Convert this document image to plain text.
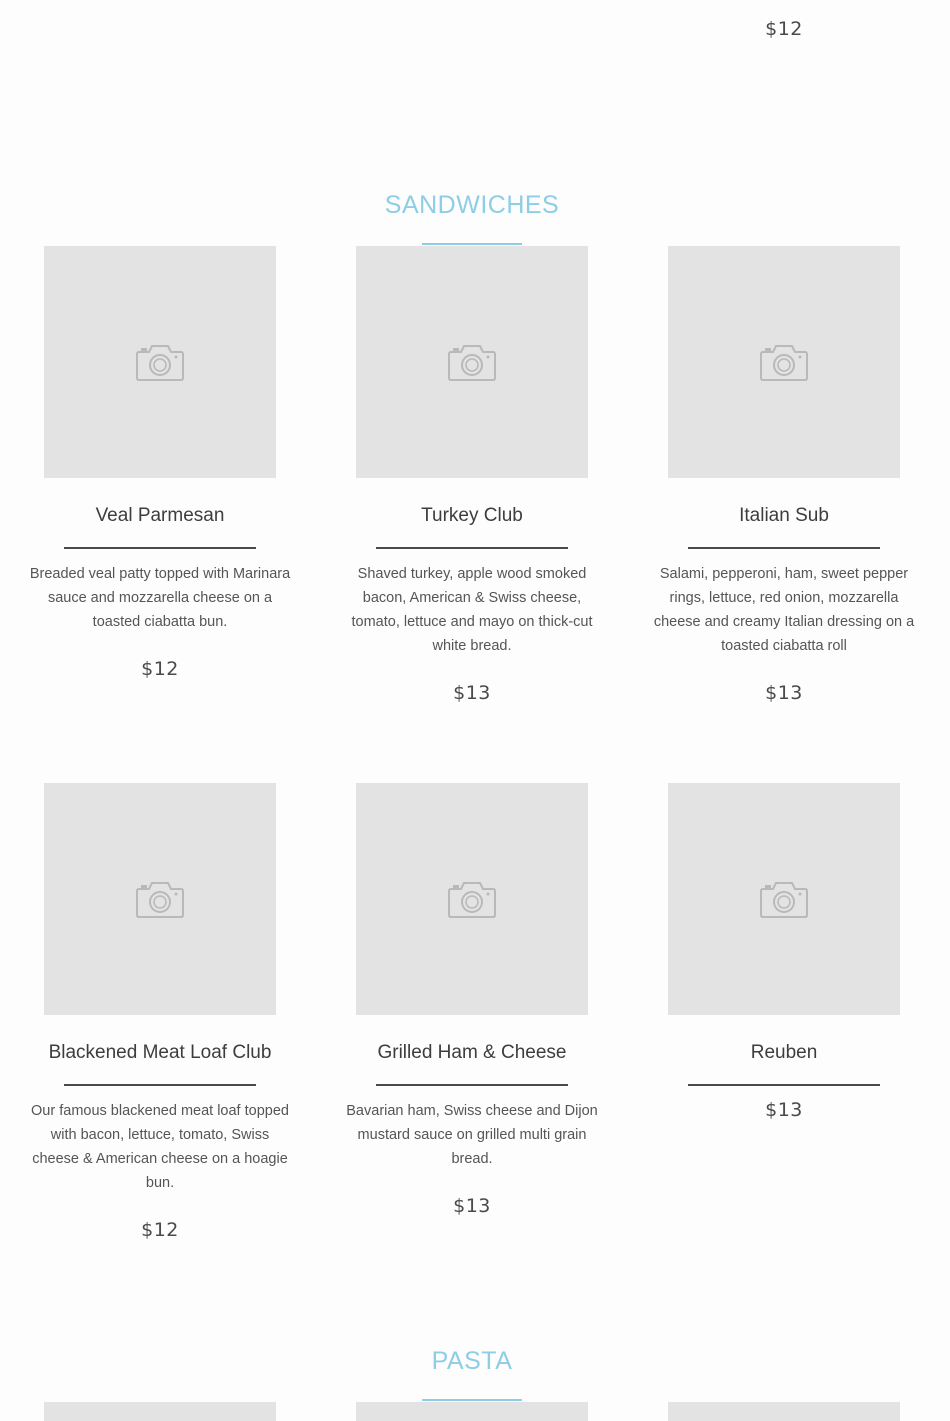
$12
SANDWICHES
Veal Parmesan
Breaded veal patty topped with Marinara sauce and mozzarella cheese on a toasted ciabatta bun.
$12
Turkey Club
Shaved turkey, apple wood smoked bacon, American & Swiss cheese, tomato, lettuce and mayo on thick-cut white bread.
$13
Italian Sub
Salami, pepperoni, ham, sweet pepper rings, lettuce, red onion, mozzarella cheese and creamy Italian dressing on a toasted ciabatta roll
$13
Blackened Meat Loaf Club
Our famous blackened meat loaf topped with bacon, lettuce, tomato, Swiss cheese & American cheese on a hoagie bun.
$12
Grilled Ham & Cheese
Bavarian ham, Swiss cheese and Dijon mustard sauce on grilled multi grain bread.
$13
Reuben
$13
PASTA
